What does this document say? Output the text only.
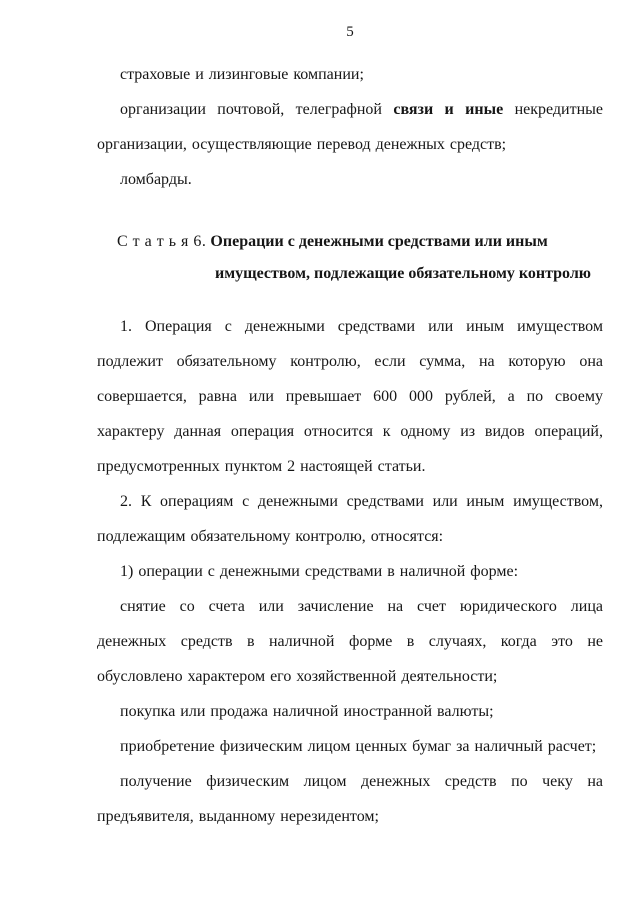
5

страховые и лизинговые компании;

организации почтовой, телеграфной связи и иные некредитные организации, осуществляющие перевод денежных средств;

ломбарды.

С т а т ь я 6. Операции с денежными средствами или иным
имуществом, подлежащие обязательному контролю

1. Операция с денежными средствами или иным имуществом подлежит обязательному контролю, если сумма, на которую она совершается, равна или превышает 600 000 рублей, а по своему характеру данная операция относится к одному из видов операций, предусмотренных пунктом 2 настоящей статьи.

2. К операциям с денежными средствами или иным имуществом, подлежащим обязательному контролю, относятся:

1) операции с денежными средствами в наличной форме:

снятие со счета или зачисление на счет юридического лица денежных средств в наличной форме в случаях, когда это не обусловлено характером его хозяйственной деятельности;

покупка или продажа наличной иностранной валюты;

приобретение физическим лицом ценных бумаг за наличный расчет;

получение физическим лицом денежных средств по чеку на предъявителя, выданному нерезидентом;
